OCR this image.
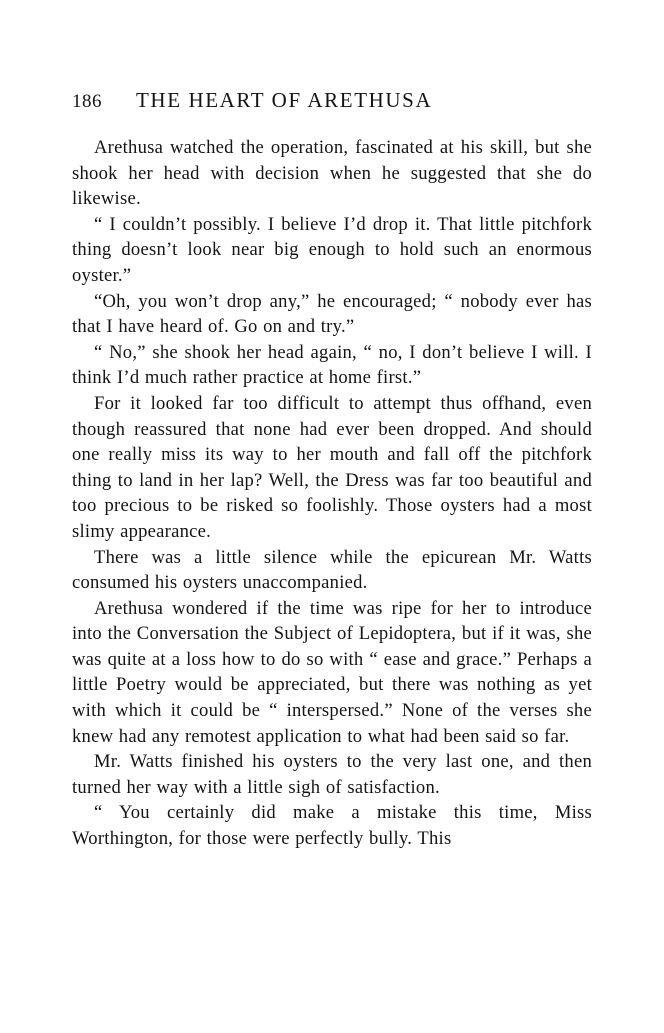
186 THE HEART OF ARETHUSA

Arethusa watched the operation, fascinated at his skill, but she shook her head with decision when he suggested that she do likewise.

“ I couldn’t possibly. I believe I’d drop it. That little pitchfork thing doesn’t look near big enough to hold such an enormous oyster.”

“Oh, you won’t drop any,” he encouraged; “ nobody ever has that I have heard of. Go on and try.”

“ No,” she shook her head again, “ no, I don’t believe I will. I think I’d much rather practice at home first.”

For it looked far too difficult to attempt thus offhand, even though reassured that none had ever been dropped. And should one really miss its way to her mouth and fall off the pitchfork thing to land in her lap? Well, the Dress was far too beautiful and too precious to be risked so foolishly. Those oysters had a most slimy appearance.

There was a little silence while the epicurean Mr. Watts consumed his oysters unaccompanied.

Arethusa wondered if the time was ripe for her to introduce into the Conversation the Subject of Lepidoptera, but if it was, she was quite at a loss how to do so with “ ease and grace.” Perhaps a little Poetry would be appreciated, but there was nothing as yet with which it could be “ interspersed.” None of the verses she knew had any remotest application to what had been said so far.

Mr. Watts finished his oysters to the very last one, and then turned her way with a little sigh of satisfaction.

“ You certainly did make a mistake this time, Miss Worthington, for those were perfectly bully. This
